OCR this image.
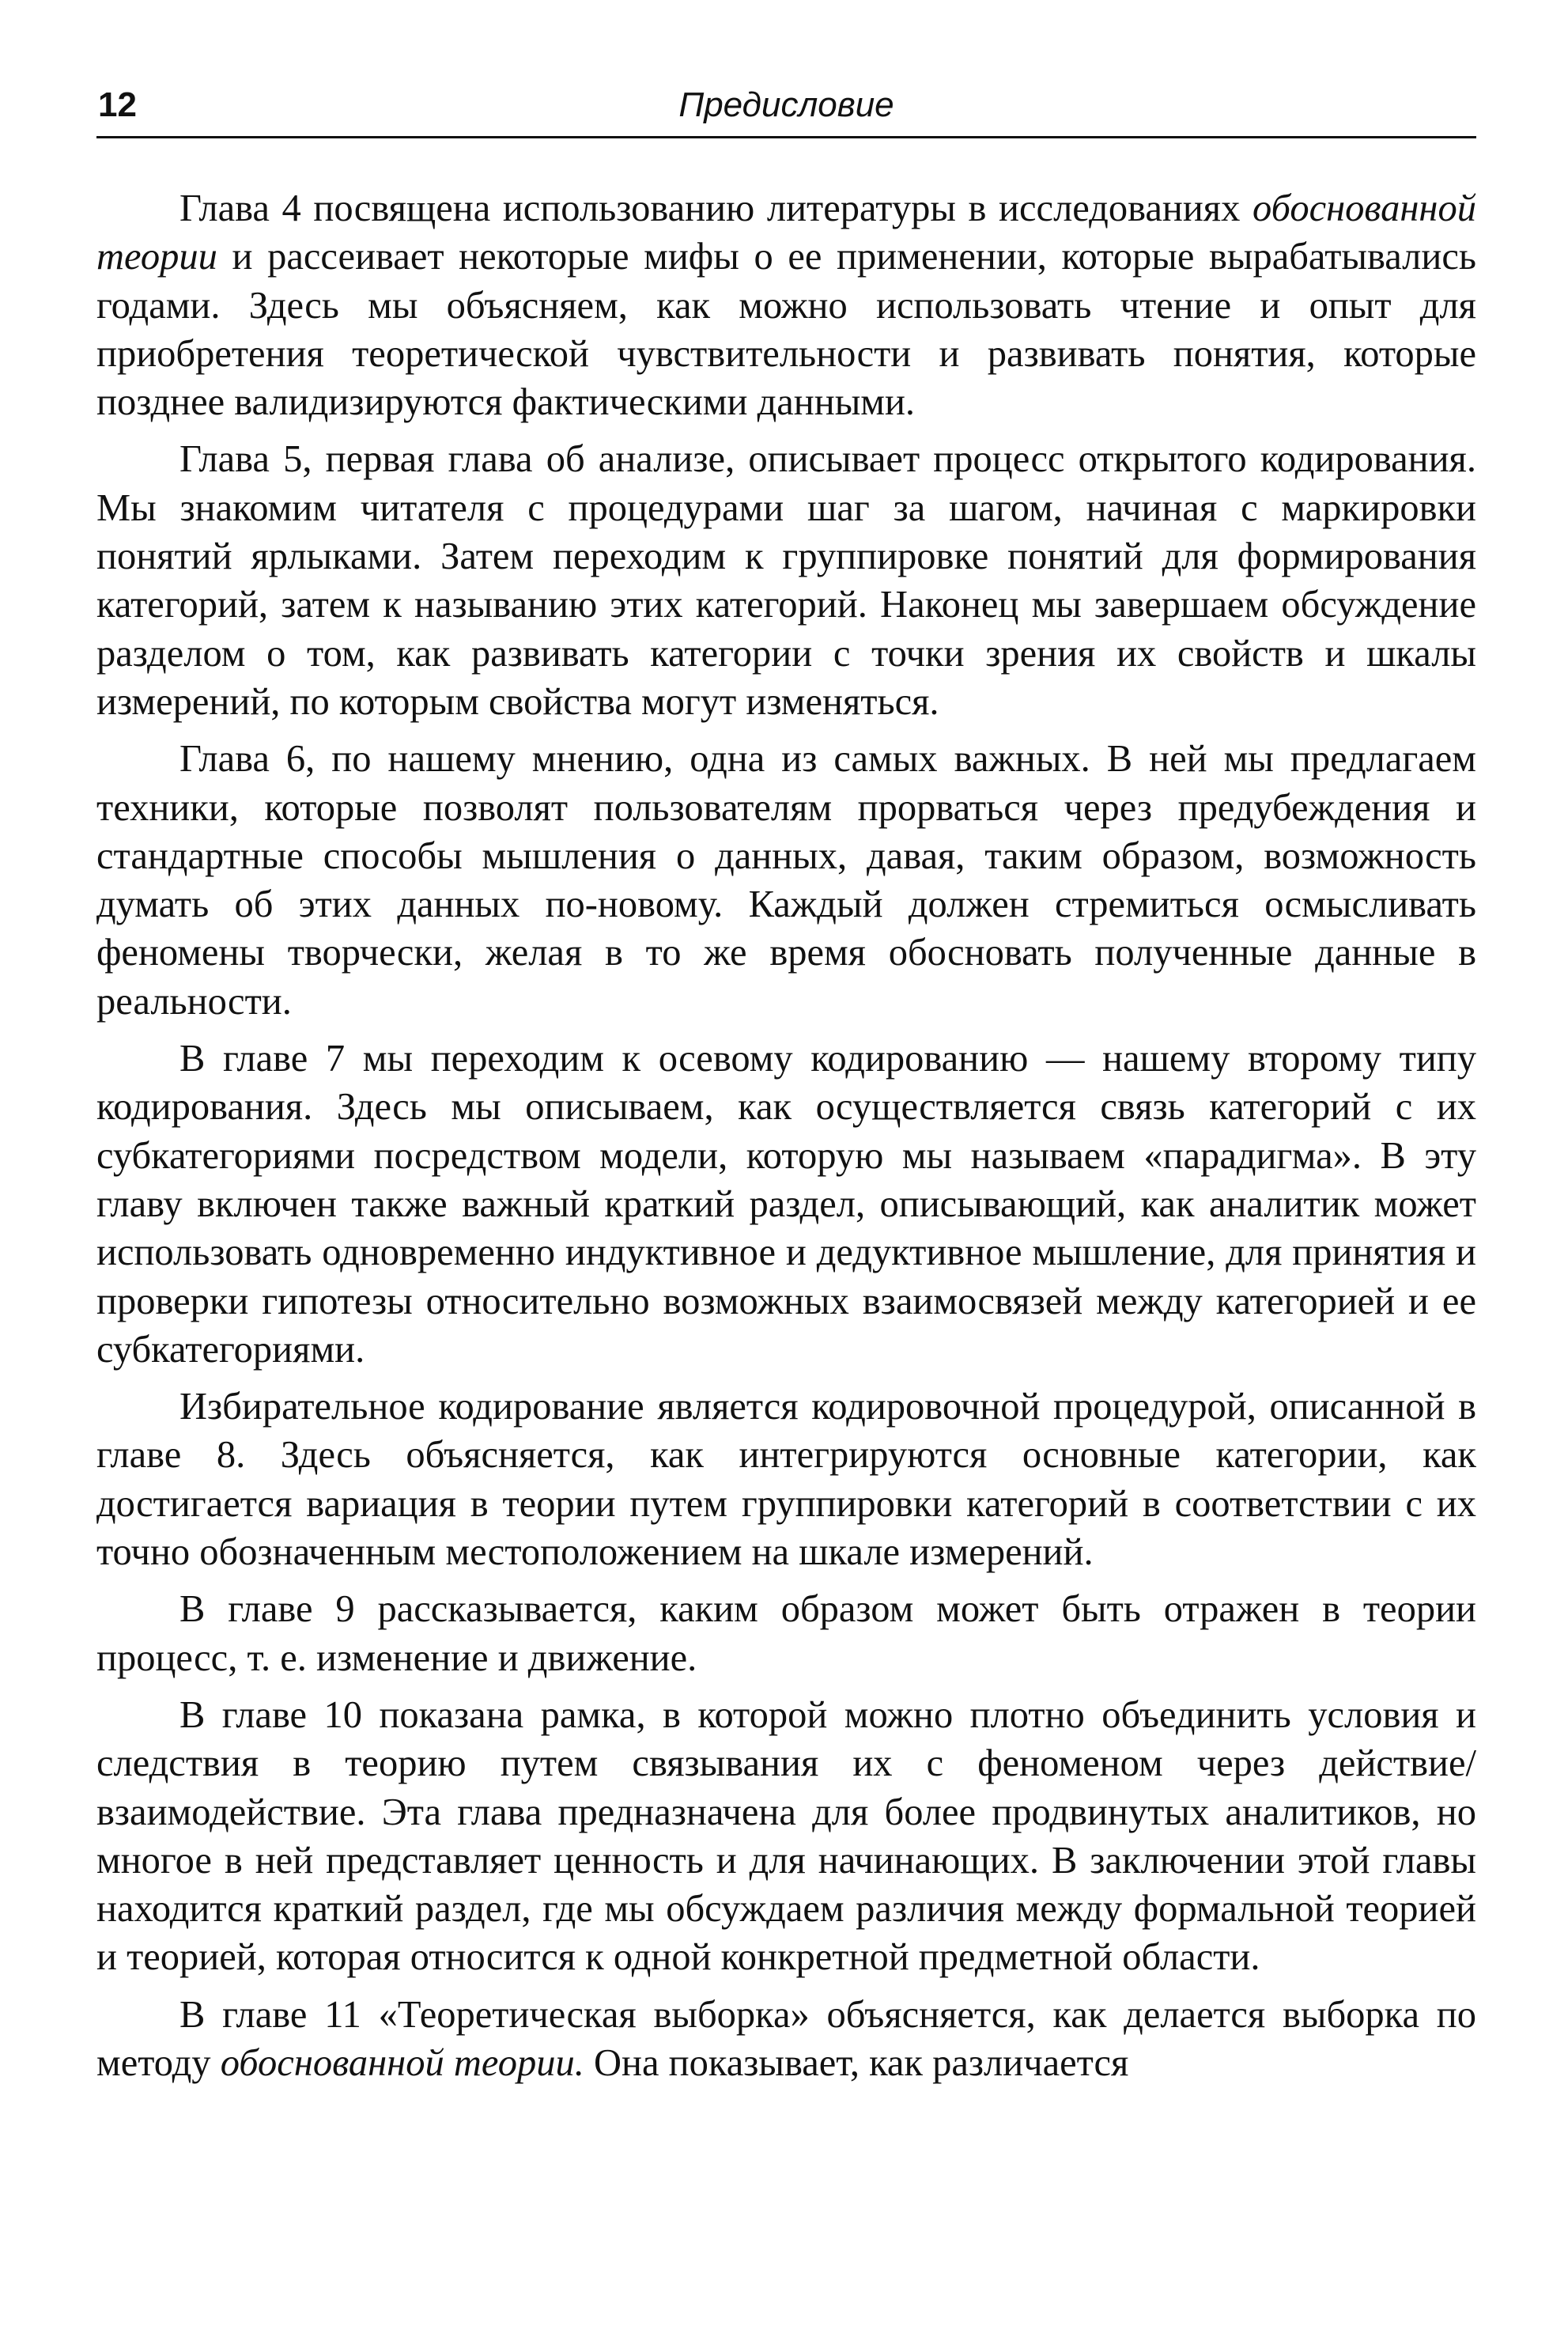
12	Предисловие

Глава 4 посвящена использованию литературы в исследованиях обоснованной теории и рассеивает некоторые мифы о ее применении, которые вырабатывались годами. Здесь мы объясняем, как можно использовать чтение и опыт для приобретения теоретической чувствительности и развивать понятия, которые позднее валидизируются фактическими данными.

Глава 5, первая глава об анализе, описывает процесс открытого кодирования. Мы знакомим читателя с процедурами шаг за шагом, начиная с маркировки понятий ярлыками. Затем переходим к группировке понятий для формирования категорий, затем к называнию этих категорий. Наконец мы завершаем обсуждение разделом о том, как развивать категории с точки зрения их свойств и шкалы измерений, по которым свойства могут изменяться.

Глава 6, по нашему мнению, одна из самых важных. В ней мы предлагаем техники, которые позволят пользователям прорваться через предубеждения и стандартные способы мышления о данных, давая, таким образом, возможность думать об этих данных по-новому. Каждый должен стремиться осмысливать феномены творчески, желая в то же время обосновать полученные данные в реальности.

В главе 7 мы переходим к осевому кодированию — нашему второму типу кодирования. Здесь мы описываем, как осуществляется связь категорий с их субкатегориями посредством модели, которую мы называем «парадигма». В эту главу включен также важный краткий раздел, описывающий, как аналитик может использовать одновременно индуктивное и дедуктивное мышление, для принятия и проверки гипотезы относительно возможных взаимосвязей между категорией и ее субкатегориями.

Избирательное кодирование является кодировочной процедурой, описанной в главе 8. Здесь объясняется, как интегрируются основные категории, как достигается вариация в теории путем группировки категорий в соответствии с их точно обозначенным местоположением на шкале измерений.

В главе 9 рассказывается, каким образом может быть отражен в теории процесс, т. е. изменение и движение.

В главе 10 показана рамка, в которой можно плотно объединить условия и следствия в теорию путем связывания их с феноменом через действие/взаимодействие. Эта глава предназначена для более продвинутых аналитиков, но многое в ней представляет ценность и для начинающих. В заключении этой главы находится краткий раздел, где мы обсуждаем различия между формальной теорией и теорией, которая относится к одной конкретной предметной области.

В главе 11 «Теоретическая выборка» объясняется, как делается выборка по методу обоснованной теории. Она показывает, как различается
